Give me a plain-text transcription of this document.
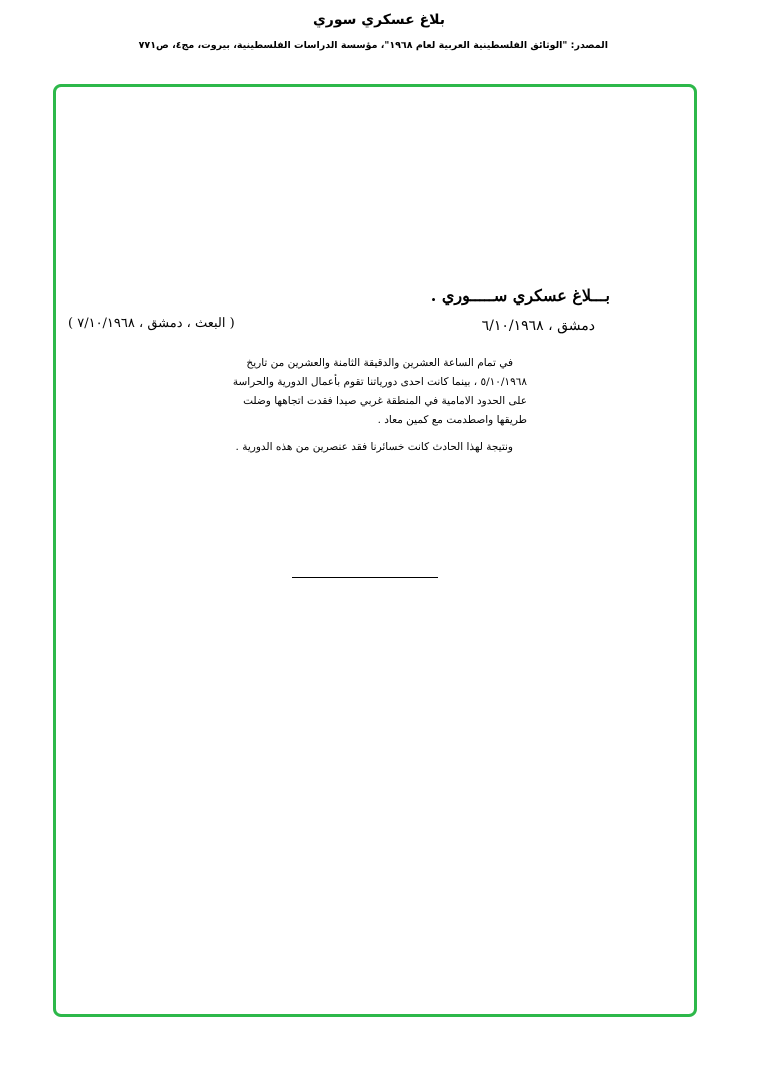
بلاغ عسكري سوري
المصدر: "الوثائق الفلسطينية العربية لعام ١٩٦٨"، مؤسسة الدراسات الفلسطينية، بيروت، مج٤، ص٧٧١
بـــلاغ عسكري ســـــوري .
دمشق ، ٦/١٠/١٩٦٨
( البعث ، دمشق ، ٧/١٠/١٩٦٨ )

في تمام الساعة العشرين والدقيقة الثامنة والعشرين من تاريخ ٥/١٠/١٩٦٨ ، بينما كانت احدى دورياتنا تقوم بأعمال الدورية والحراسة على الحدود الامامية في المنطقة غربي صيدا فقدت اتجاهها وضلت طريقها واصطدمت مع كمين معاد .

ونتيجة لهذا الحادث كانت خسائرنا فقد عنصرين من هذه الدورية .
